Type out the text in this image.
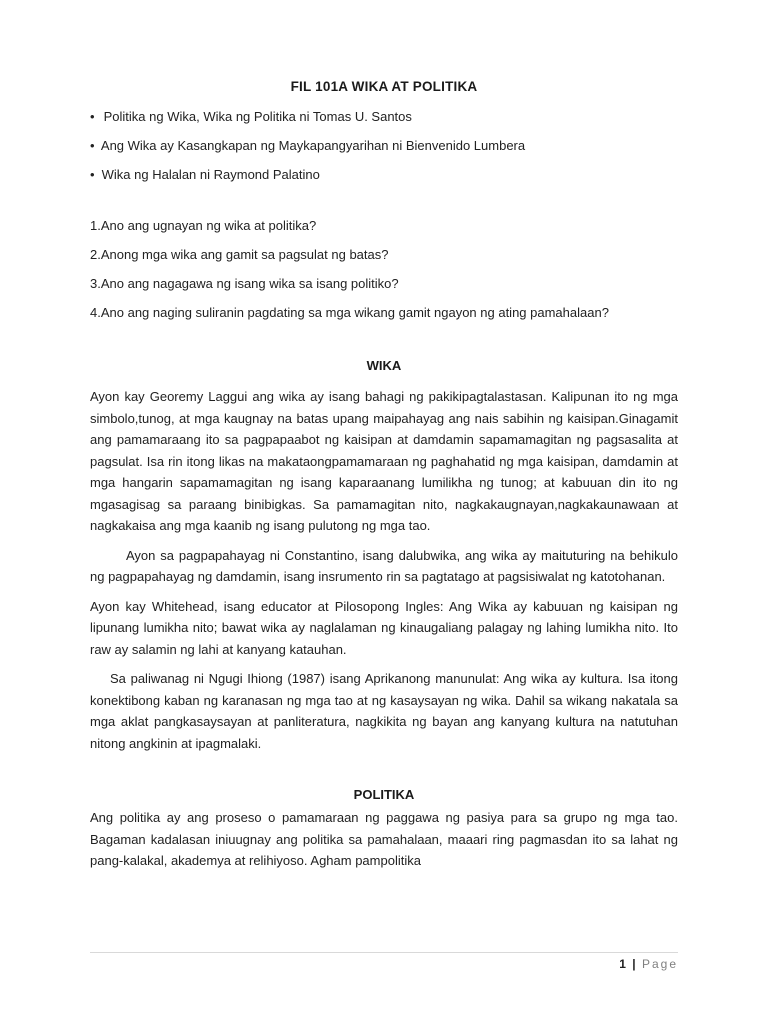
FIL 101A WIKA AT POLITIKA
• Politika ng Wika, Wika ng Politika ni Tomas U. Santos
• Ang Wika ay Kasangkapan ng Maykapangyarihan ni Bienvenido Lumbera
• Wika ng Halalan ni Raymond Palatino
1.Ano ang ugnayan ng wika at politika?
2.Anong mga wika ang gamit sa pagsulat ng batas?
3.Ano ang nagagawa ng isang wika sa isang politiko?
4.Ano ang naging suliranin pagdating sa mga wikang gamit ngayon ng ating pamahalaan?
WIKA

Ayon kay Georemy Laggui ang wika ay isang bahagi ng pakikipagtalastasan. Kalipunan ito ng mga simbolo,tunog, at mga kaugnay na batas upang maipahayag ang nais sabihin ng kaisipan.Ginagamit ang pamamaraang ito sa pagpapaabot ng kaisipan at damdamin sapamamagitan ng pagsasalita at pagsulat. Isa rin itong likas na makataongpamamaraan ng paghahatid ng mga kaisipan, damdamin at mga hangarin sapamamagitan ng isang kaparaanang lumilikha ng tunog; at kabuuan din ito ng mgasagisag sa paraang binibigkas. Sa pamamagitan nito, nagkakaugnayan,nagkakaunawaan at nagkakaisa ang mga kaanib ng isang pulutong ng mga tao.

Ayon sa pagpapahayag ni Constantino, isang dalubwika, ang wika ay maituturing na behikulo ng pagpapahayag ng damdamin, isang insrumento rin sa pagtatago at pagsisiwalat ng katotohanan.

Ayon kay Whitehead, isang educator at Pilosopong Ingles: Ang Wika ay kabuuan ng kaisipan ng lipunang lumikha nito; bawat wika ay naglalaman ng kinaugaliang palagay ng lahing lumikha nito. Ito raw ay salamin ng lahi at kanyang katauhan.

Sa paliwanag ni Ngugi Ihiong (1987) isang Aprikanong manunulat: Ang wika ay kultura. Isa itong konektibong kaban ng karanasan ng mga tao at ng kasaysayan ng wika. Dahil sa wikang nakatala sa mga aklat pangkasaysayan at panliteratura, nagkikita ng bayan ang kanyang kultura na natutuhan nitong angkinin at ipagmalaki.

POLITIKA

Ang politika ay ang proseso o pamamaraan ng paggawa ng pasiya para sa grupo ng mga tao. Bagaman kadalasan iniuugnay ang politika sa pamahalaan, maaari ring pagmasdan ito sa lahat ng pang-kalakal, akademya at relihiyoso. Agham pampolitika

1 | Page
